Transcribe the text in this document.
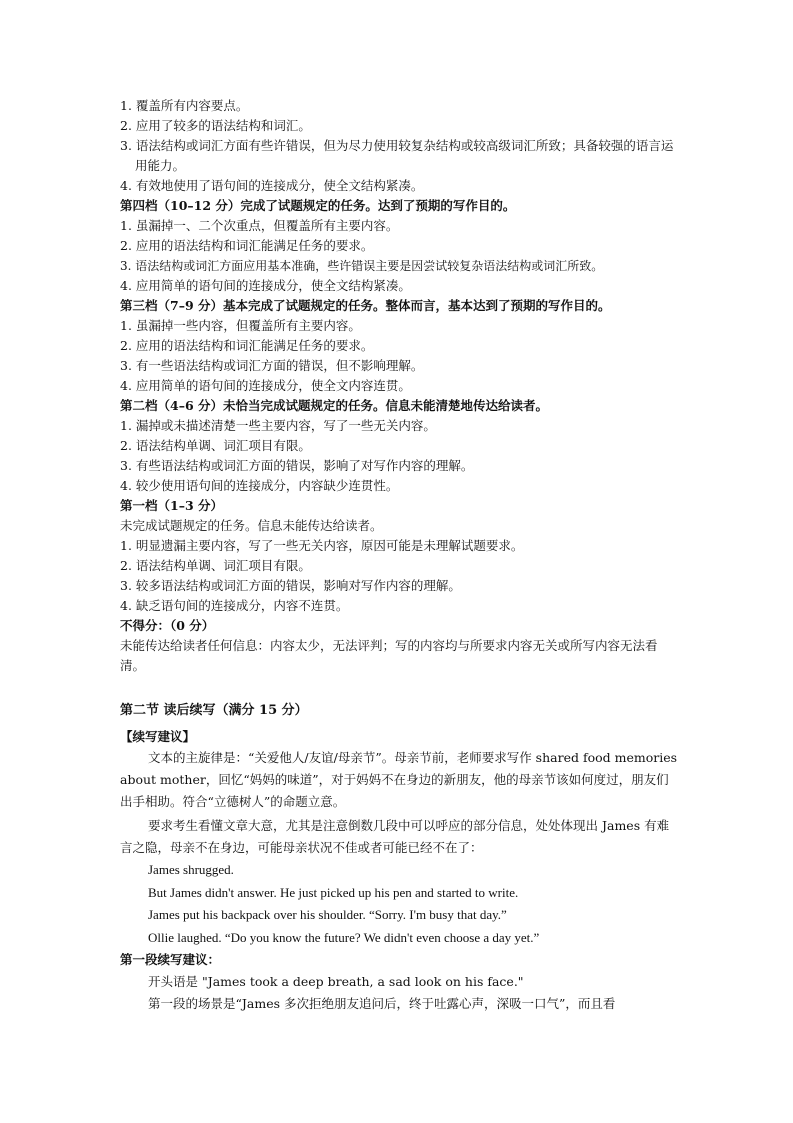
1. 覆盖所有内容要点。
2. 应用了较多的语法结构和词汇。
3. 语法结构或词汇方面有些许错误，但为尽力使用较复杂结构或较高级词汇所致；具备较强的语言运用能力。
4. 有效地使用了语句间的连接成分，使全文结构紧凑。
第四档（10–12 分）完成了试题规定的任务。达到了预期的写作目的。
1. 虽漏掉一、二个次重点，但覆盖所有主要内容。
2. 应用的语法结构和词汇能满足任务的要求。
3. 语法结构或词汇方面应用基本准确，些许错误主要是因尝试较复杂语法结构或词汇所致。
4. 应用简单的语句间的连接成分，使全文结构紧凑。
第三档（7–9 分）基本完成了试题规定的任务。整体而言，基本达到了预期的写作目的。
1. 虽漏掉一些内容，但覆盖所有主要内容。
2. 应用的语法结构和词汇能满足任务的要求。
3. 有一些语法结构或词汇方面的错误，但不影响理解。
4. 应用简单的语句间的连接成分，使全文内容连贯。
第二档（4–6 分）未恰当完成试题规定的任务。信息未能清楚地传达给读者。
1. 漏掉或未描述清楚一些主要内容，写了一些无关内容。
2. 语法结构单调、词汇项目有限。
3. 有些语法结构或词汇方面的错误，影响了对写作内容的理解。
4. 较少使用语句间的连接成分，内容缺少连贯性。
第一档（1–3 分）
未完成试题规定的任务。信息未能传达给读者。
1. 明显遗漏主要内容，写了一些无关内容，原因可能是未理解试题要求。
2. 语法结构单调、词汇项目有限。
3. 较多语法结构或词汇方面的错误，影响对写作内容的理解。
4. 缺乏语句间的连接成分，内容不连贯。
不得分：（0 分）
未能传达给读者任何信息：内容太少，无法评判；写的内容均与所要求内容无关或所写内容无法看清。
第二节 读后续写（满分 15 分）
【续写建议】
文本的主旋律是：“关爱他人/友谊/母亲节”。母亲节前，老师要求写作 shared food memories about mother，回忆“妈妈的味道”，对于妈妈不在身边的新朋友，他的母亲节该如何度过，朋友们出手相助。符合“立德树人”的命题立意。
要求考生看懂文章大意，尤其是注意倒数几段中可以呼应的部分信息，处处体现出 James 有难言之隐，母亲不在身边，可能母亲状况不佳或者可能已经不在了：
James shrugged.
But James didn't answer. He just picked up his pen and started to write.
James put his backpack over his shoulder. “Sorry. I'm busy that day.”
Ollie laughed. “Do you know the future? We didn't even choose a day yet.”
第一段续写建议：
开头语是 "James took a deep breath, a sad look on his face."
第一段的场景是“James 多次拒绝朋友追问后，终于吐露心声，深吸一口气”，而且看
